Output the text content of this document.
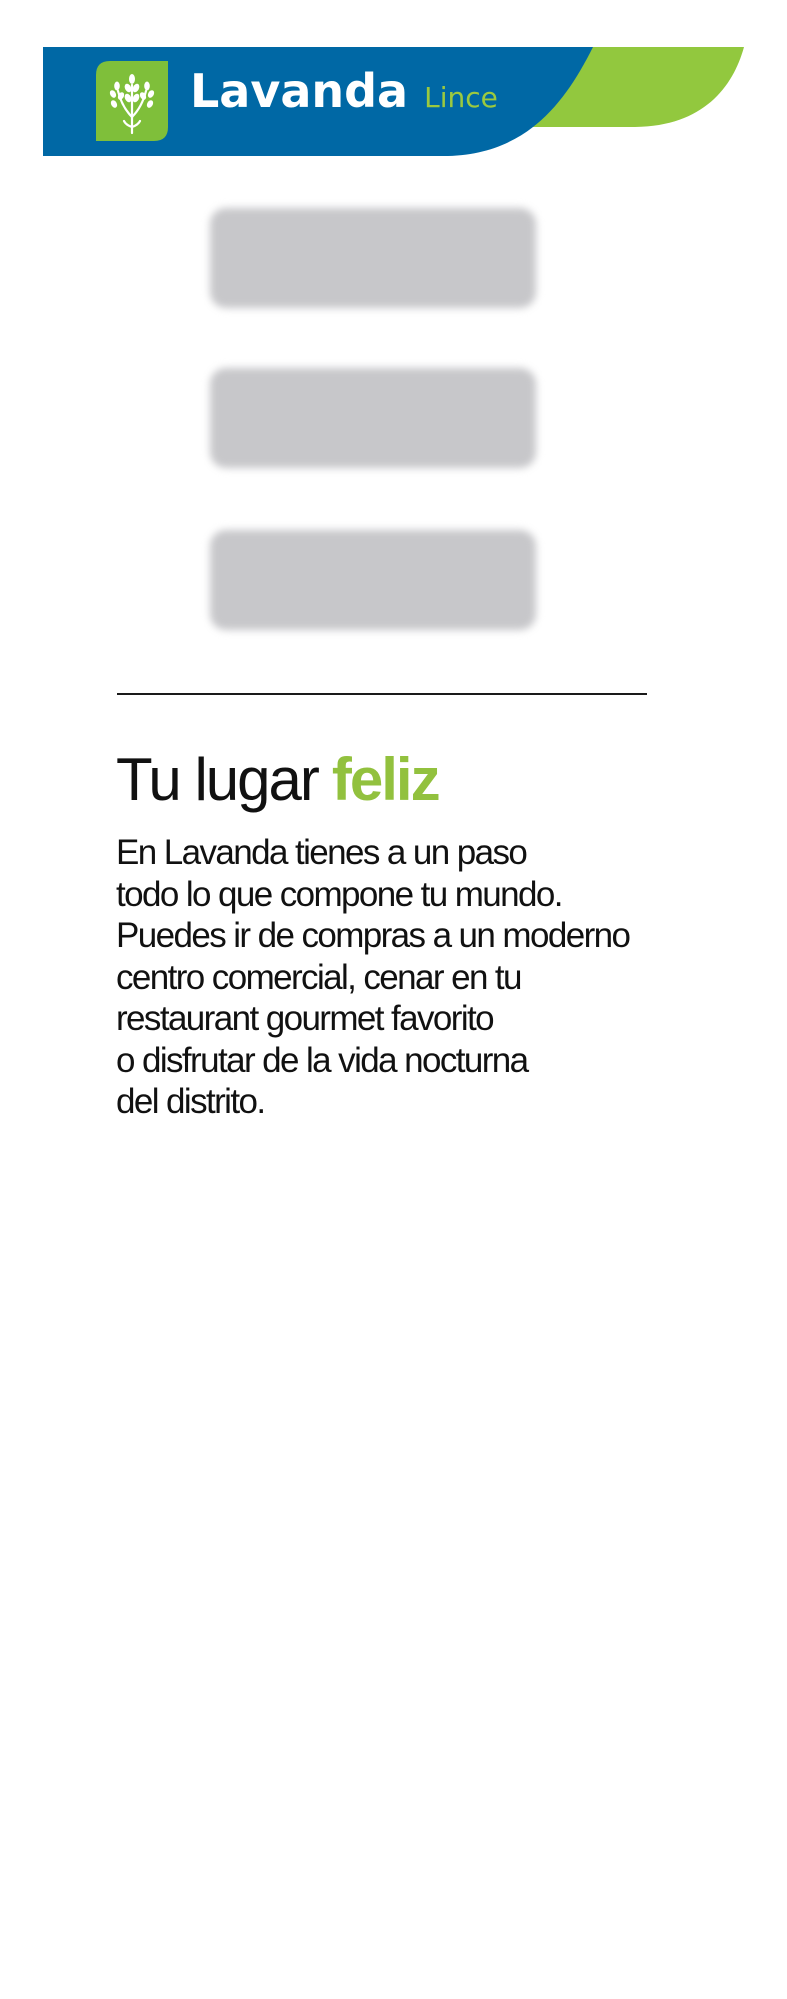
Lavanda Lince
Tu lugar feliz

En Lavanda tienes a un paso
todo lo que compone tu mundo.
Puedes ir de compras a un moderno
centro comercial, cenar en tu
restaurant gourmet favorito
o disfrutar de la vida nocturna
del distrito.
